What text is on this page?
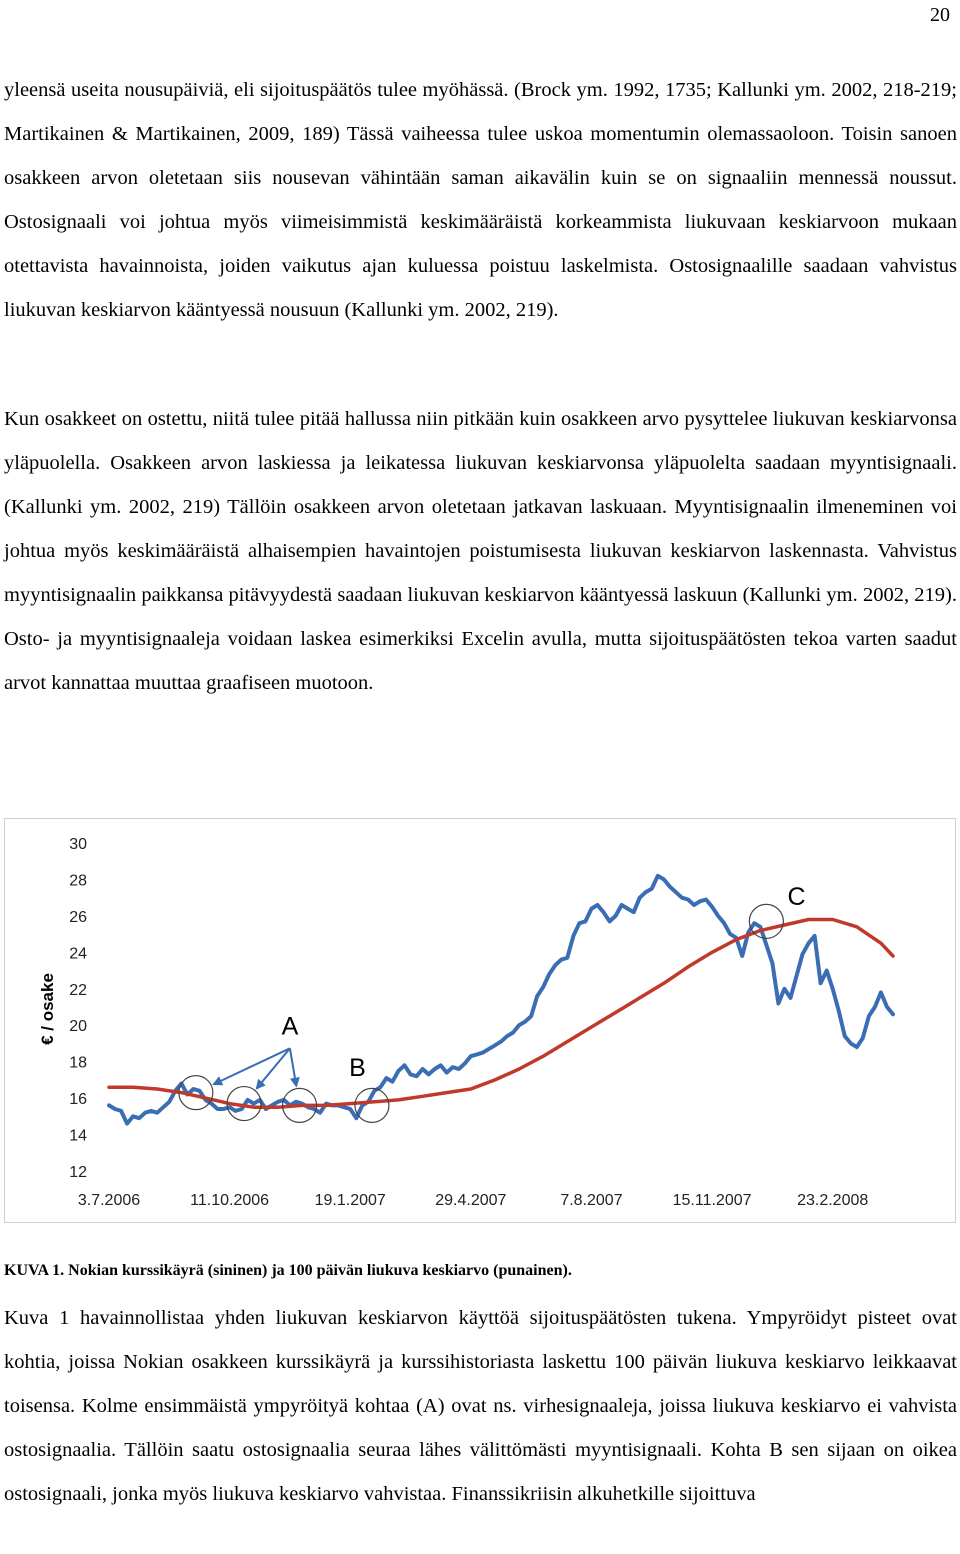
20

yleensä useita nousupäiviä, eli sijoituspäätös tulee myöhässä. (Brock ym. 1992, 1735; Kallunki ym. 2002, 218-219; Martikainen & Martikainen, 2009, 189) Tässä vaiheessa tulee uskoa momentumin olemassaoloon. Toisin sanoen osakkeen arvon oletetaan siis nousevan vähintään saman aikavälin kuin se on signaaliin mennessä noussut. Ostosignaali voi johtua myös viimeisimmistä keskimääräistä korkeammista liukuvaan keskiarvoon mukaan otettavista havainnoista, joiden vaikutus ajan kuluessa poistuu laskelmista. Ostosignaalille saadaan vahvistus liukuvan keskiarvon kääntyessä nousuun (Kallunki ym. 2002, 219).

Kun osakkeet on ostettu, niitä tulee pitää hallussa niin pitkään kuin osakkeen arvo pysyttelee liukuvan keskiarvonsa yläpuolella. Osakkeen arvon laskiessa ja leikatessa liukuvan keskiarvonsa yläpuolelta saadaan myyntisignaali. (Kallunki ym. 2002, 219) Tällöin osakkeen arvon oletetaan jatkavan laskuaan. Myyntisignaalin ilmeneminen voi johtua myös keskimääräistä alhaisempien havaintojen poistumisesta liukuvan keskiarvon laskennasta. Vahvistus myyntisignaalin paikkansa pitävyydestä saadaan liukuvan keskiarvon kääntyessä laskuun (Kallunki ym. 2002, 219). Osto- ja myyntisignaaleja voidaan laskea esimerkiksi Excelin avulla, mutta sijoituspäätösten tekoa varten saadut arvot kannattaa muuttaa graafiseen muotoon.

€ / osake
12
14
16
18
20
22
24
26
28
30
3.7.2006	11.10.2006	19.1.2007	29.4.2007	7.8.2007	15.11.2007	23.2.2008
A
B
C
KUVA 1. Nokian kurssikäyrä (sininen) ja 100 päivän liukuva keskiarvo (punainen).

Kuva 1 havainnollistaa yhden liukuvan keskiarvon käyttöä sijoituspäätösten tukena. Ympyröidyt pisteet ovat kohtia, joissa Nokian osakkeen kurssikäyrä ja kurssihistoriasta laskettu 100 päivän liukuva keskiarvo leikkaavat toisensa. Kolme ensimmäistä ympyröityä kohtaa (A) ovat ns. virhesignaaleja, joissa liukuva keskiarvo ei vahvista ostosignaalia. Tällöin saatu ostosignaalia seuraa lähes välittömästi myyntisignaali. Kohta B sen sijaan on oikea ostosignaali, jonka myös liukuva keskiarvo vahvistaa. Finanssikriisin alkuhetkille sijoittuva
